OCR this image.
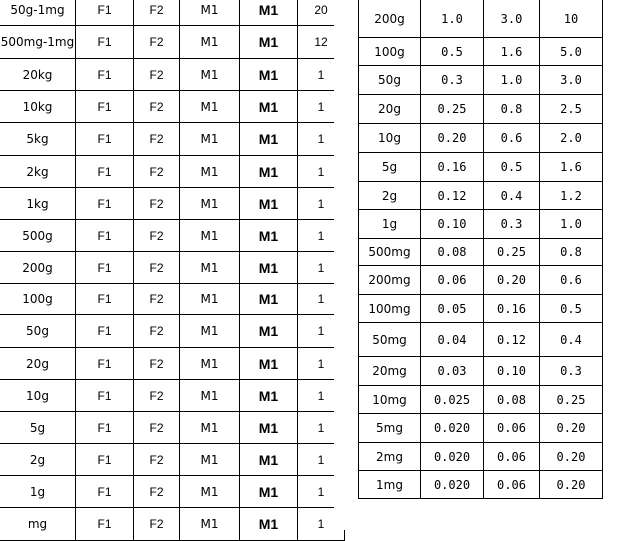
50g-1mg	F1	F2	M1	M1	20
500mg-1mg	F1	F2	M1	M1	12
20kg	F1	F2	M1	M1	1
10kg	F1	F2	M1	M1	1
5kg	F1	F2	M1	M1	1
2kg	F1	F2	M1	M1	1
1kg	F1	F2	M1	M1	1
500g	F1	F2	M1	M1	1
200g	F1	F2	M1	M1	1
100g	F1	F2	M1	M1	1
50g	F1	F2	M1	M1	1
20g	F1	F2	M1	M1	1
10g	F1	F2	M1	M1	1
5g	F1	F2	M1	M1	1
2g	F1	F2	M1	M1	1
1g	F1	F2	M1	M1	1
mg	F1	F2	M1	M1	1
200g	1.0	3.0	10
100g	0.5	1.6	5.0
50g	0.3	1.0	3.0
20g	0.25	0.8	2.5
10g	0.20	0.6	2.0
5g	0.16	0.5	1.6
2g	0.12	0.4	1.2
1g	0.10	0.3	1.0
500mg	0.08	0.25	0.8
200mg	0.06	0.20	0.6
100mg	0.05	0.16	0.5
50mg	0.04	0.12	0.4
20mg	0.03	0.10	0.3
10mg	0.025	0.08	0.25
5mg	0.020	0.06	0.20
2mg	0.020	0.06	0.20
1mg	0.020	0.06	0.20
